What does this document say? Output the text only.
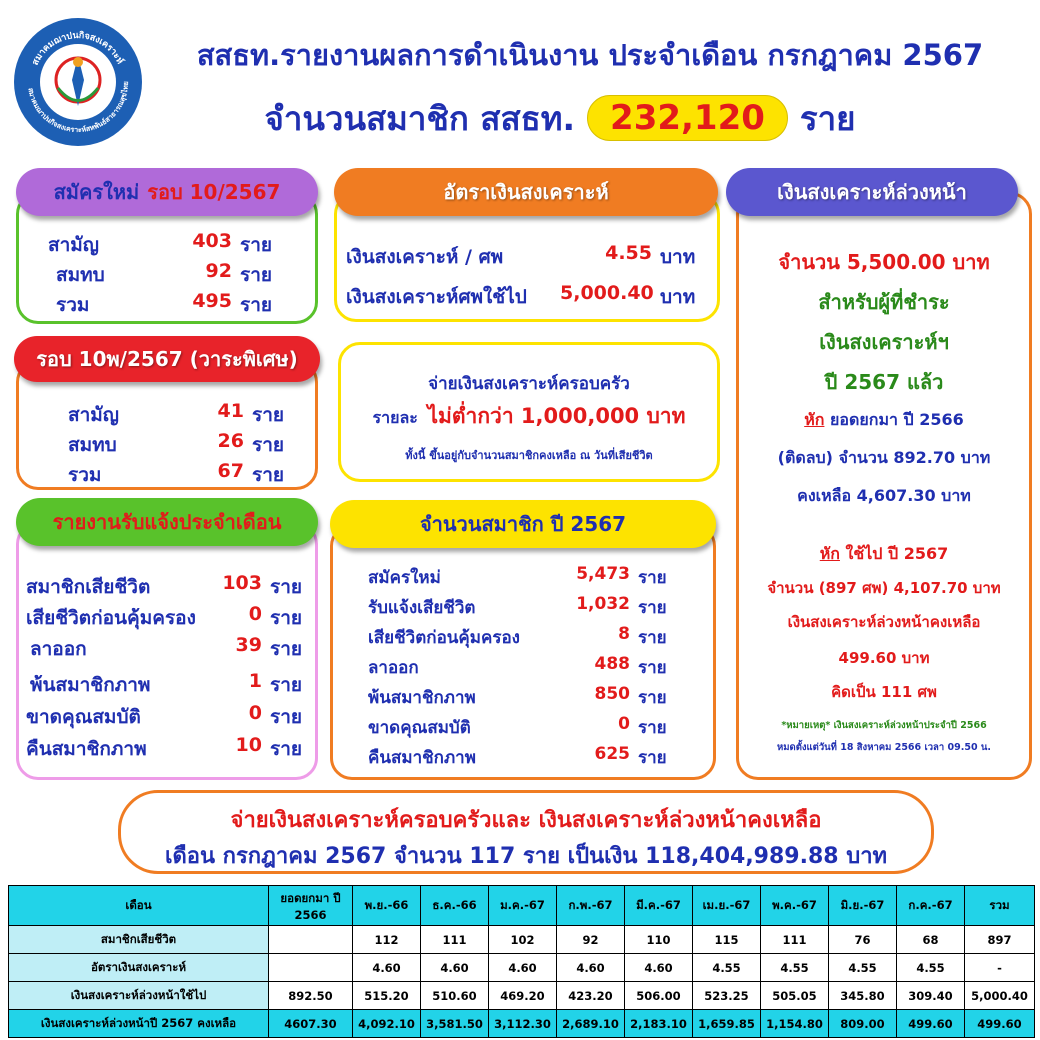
สมาคมฌาปนกิจสงเคราะห์
สมาคมฌาปนกิจสงเคราะห์สหพันธ์สาธารณสุขไทย
สสธท.รายงานผลการดำเนินงาน ประจำเดือน กรกฎาคม 2567
จำนวนสมาชิก สสธท.	232,120	ราย
สมัครใหม่ รอบ 10/2567
สามัญ	403 ราย
สมทบ	92 ราย
รวม	495 ราย
รอบ 10พ/2567 (วาระพิเศษ)
สามัญ	41 ราย
สมทบ	26 ราย
รวม	67 ราย
รายงานรับแจ้งประจำเดือน
สมาชิกเสียชีวิต	103 ราย
เสียชีวิตก่อนคุ้มครอง	0 ราย
ลาออก	39 ราย
พ้นสมาชิกภาพ	1 ราย
ขาดคุณสมบัติ	0 ราย
คืนสมาชิกภาพ	10 ราย
อัตราเงินสงเคราะห์
เงินสงเคราะห์ / ศพ	4.55 บาท
เงินสงเคราะห์ศพใช้ไป	5,000.40 บาท
จ่ายเงินสงเคราะห์ครอบครัว
รายละ ไม่ต่ำกว่า 1,000,000 บาท
ทั้งนี้ ขึ้นอยู่กับจำนวนสมาชิกคงเหลือ ณ วันที่เสียชีวิต
จำนวนสมาชิก ปี 2567
สมัครใหม่	5,473 ราย
รับแจ้งเสียชีวิต	1,032 ราย
เสียชีวิตก่อนคุ้มครอง	8 ราย
ลาออก	488 ราย
พ้นสมาชิกภาพ	850 ราย
ขาดคุณสมบัติ	0 ราย
คืนสมาชิกภาพ	625 ราย
เงินสงเคราะห์ล่วงหน้า
จำนวน 5,500.00 บาท
สำหรับผู้ที่ชำระ
เงินสงเคราะห์ฯ
ปี 2567 แล้ว
หัก ยอดยกมา ปี 2566
(ติดลบ) จำนวน 892.70 บาท
คงเหลือ 4,607.30 บาท
หัก ใช้ไป ปี 2567
จำนวน (897 ศพ) 4,107.70 บาท
เงินสงเคราะห์ล่วงหน้าคงเหลือ
499.60 บาท
คิดเป็น 111 ศพ
*หมายเหตุ* เงินสงเคราะห์ล่วงหน้าประจำปี 2566
หมดตั้งแต่วันที่ 18 สิงหาคม 2566 เวลา 09.50 น.
จ่ายเงินสงเคราะห์ครอบครัวและ เงินสงเคราะห์ล่วงหน้าคงเหลือ
เดือน กรกฎาคม 2567 จำนวน 117 ราย เป็นเงิน 118,404,989.88 บาท
เดือน	ยอดยกมา ปี 2566	พ.ย.-66	ธ.ค.-66	ม.ค.-67	ก.พ.-67	มี.ค.-67	เม.ย.-67	พ.ค.-67	มิ.ย.-67	ก.ค.-67	รวม
สมาชิกเสียชีวิต		112	111	102	92	110	115	111	76	68	897
อัตราเงินสงเคราะห์		4.60	4.60	4.60	4.60	4.60	4.55	4.55	4.55	4.55	-
เงินสงเคราะห์ล่วงหน้าใช้ไป	892.50	515.20	510.60	469.20	423.20	506.00	523.25	505.05	345.80	309.40	5,000.40
เงินสงเคราะห์ล่วงหน้าปี 2567 คงเหลือ	4607.30	4,092.10	3,581.50	3,112.30	2,689.10	2,183.10	1,659.85	1,154.80	809.00	499.60	499.60
